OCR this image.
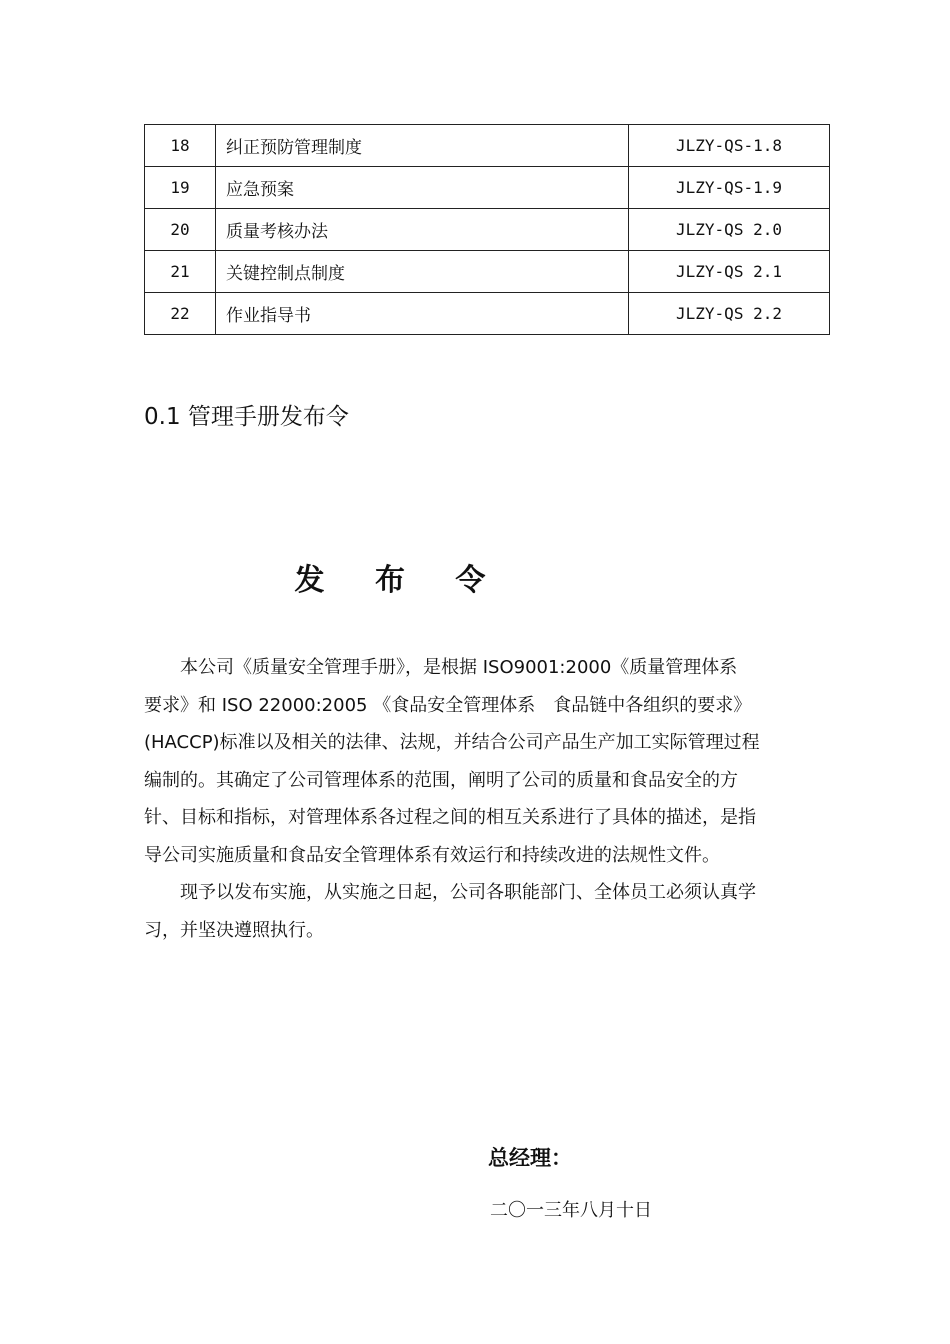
18	纠正预防管理制度	JLZY-QS-1.8
19	应急预案	JLZY-QS-1.9
20	质量考核办法	JLZY-QS 2.0
21	关键控制点制度	JLZY-QS 2.1
22	作业指导书	JLZY-QS 2.2
0.1 管理手册发布令
发 布 令

本公司《质量安全管理手册》，是根据 ISO9001:2000《质量管理体系　要求》和 ISO 22000:2005 《食品安全管理体系　食品链中各组织的要求》(HACCP)标准以及相关的法律、法规，并结合公司产品生产加工实际管理过程编制的。其确定了公司管理体系的范围，阐明了公司的质量和食品安全的方针、目标和指标，对管理体系各过程之间的相互关系进行了具体的描述，是指导公司实施质量和食品安全管理体系有效运行和持续改进的法规性文件。

现予以发布实施，从实施之日起，公司各职能部门、全体员工必须认真学习，并坚决遵照执行。

总经理：
二〇一三年八月十日
